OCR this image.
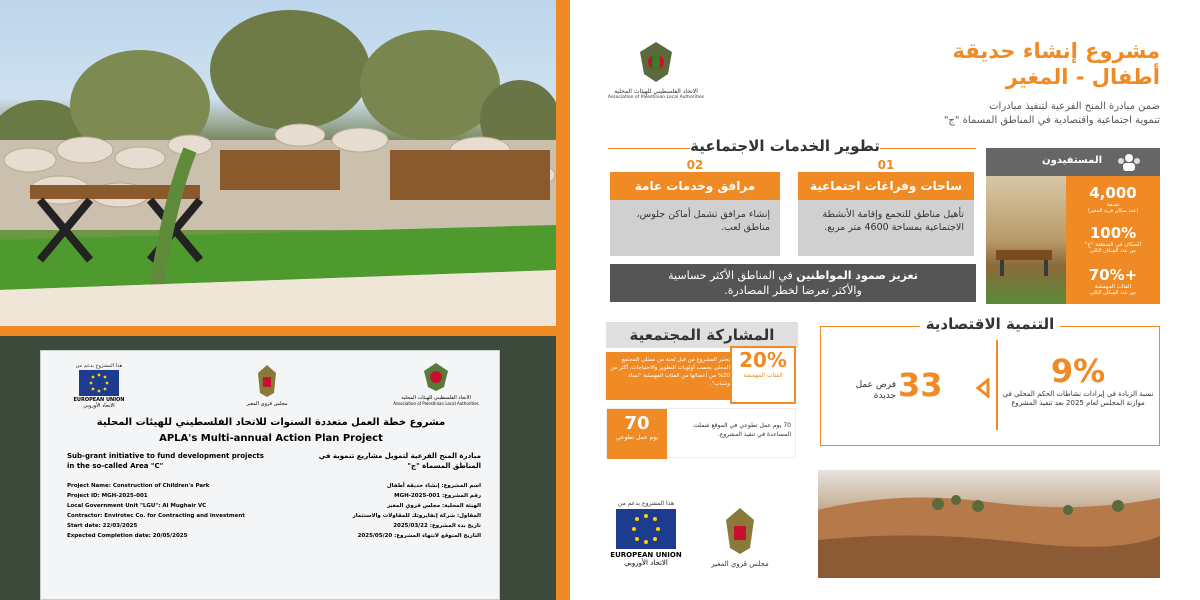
هذا المشروع بدعم من
EUROPEAN UNION
الاتحاد الأوروبي	مجلس قروي المغير
الاتحاد الفلسطيني للهيئات المحلية
Association of Palestinian Local Authorities
مشروع خطة العمل متعددة السنوات للاتحاد الفلسطيني للهيئات المحلية
APLA's Multi-annual Action Plan Project
Sub-grant initiative to fund development projects
in the so-called Area "C"
مبادرة المنح الفرعية لتمويل مشاريع تنموية في
المناطق المسماة "ج"
Project Name: Construction of Children's Park
Project ID: MGH-2025-001
Local Government Unit "LGU": Al Mughair VC
Contractor: Envirotec Co. for Contracting and investment
Start date: 22/03/2025
Expected Completion date: 20/05/2025
اسم المشروع: إنشاء حديقة أطفال
رقم المشروع: MGH-2025-001
الهيئة المحلية: مجلس قروي المغير
المقاول: شركة إنفايروتك للمقاولات والاستثمار
تاريخ بدء المشروع: 2025/03/22
التاريخ المتوقع لانتهاء المشروع: 2025/05/20
الاتحاد الفلسطيني للهيئات المحلية
Association of Palestinian Local Authorities
مشروع إنشاء حديقة
أطفال - المغير
ضمن مبادرة المنح الفرعية لتنفيذ مبادرات
تنموية اجتماعية واقتصادية في المناطق المسماة "ج"
تطوير الخدمات الاجتماعية
02
مرافق وخدمات عامة
01
ساحات وفراغات اجتماعية
إنشاء مرافق تشمل أماكن جلوس، مناطق لعب.
تأهيل مناطق للتجمع وإقامة الأنشطة الاجتماعية بمساحة 4600 متر مربع.
تعزيز صمود المواطنين في المناطق الأكثر حساسية
والأكثر تعرضا لخطر المصادرة.
المستفيدون
4,000
نسمة
(عدد سكان قرية المغير)
100%
السكان في المنطقة "ج"
من عدد السكان الكلي
70%+
الفئات المهمشة
من عدد السكان الكلي
المشاركة المجتمعية
تختير المشروع من قبل لجنة من ممثلي المجتمع المحلي بحسب أولويات التطوير والاحتياجات، أكثر من 20% من أعضائها من الفئات المهمشة "نساء وشباب".
20%
الفئات المهمشة
70
يوم عمل تطوعي
70 يوم عمل تطوعي في الموقع شملت المساعدة في تنفيذ المشروع.
التنمية الاقتصادية
9%
نسبة الزيادة في إيرادات نشاطات الحكم المحلي في موازنة المجلس لعام 2025 بعد تنفيذ المشروع
33
فرص عمل
جديدة
هذا المشروع بدعم من
EUROPEAN UNION
الاتحاد الأوروبي	مجلس قروي المغير
